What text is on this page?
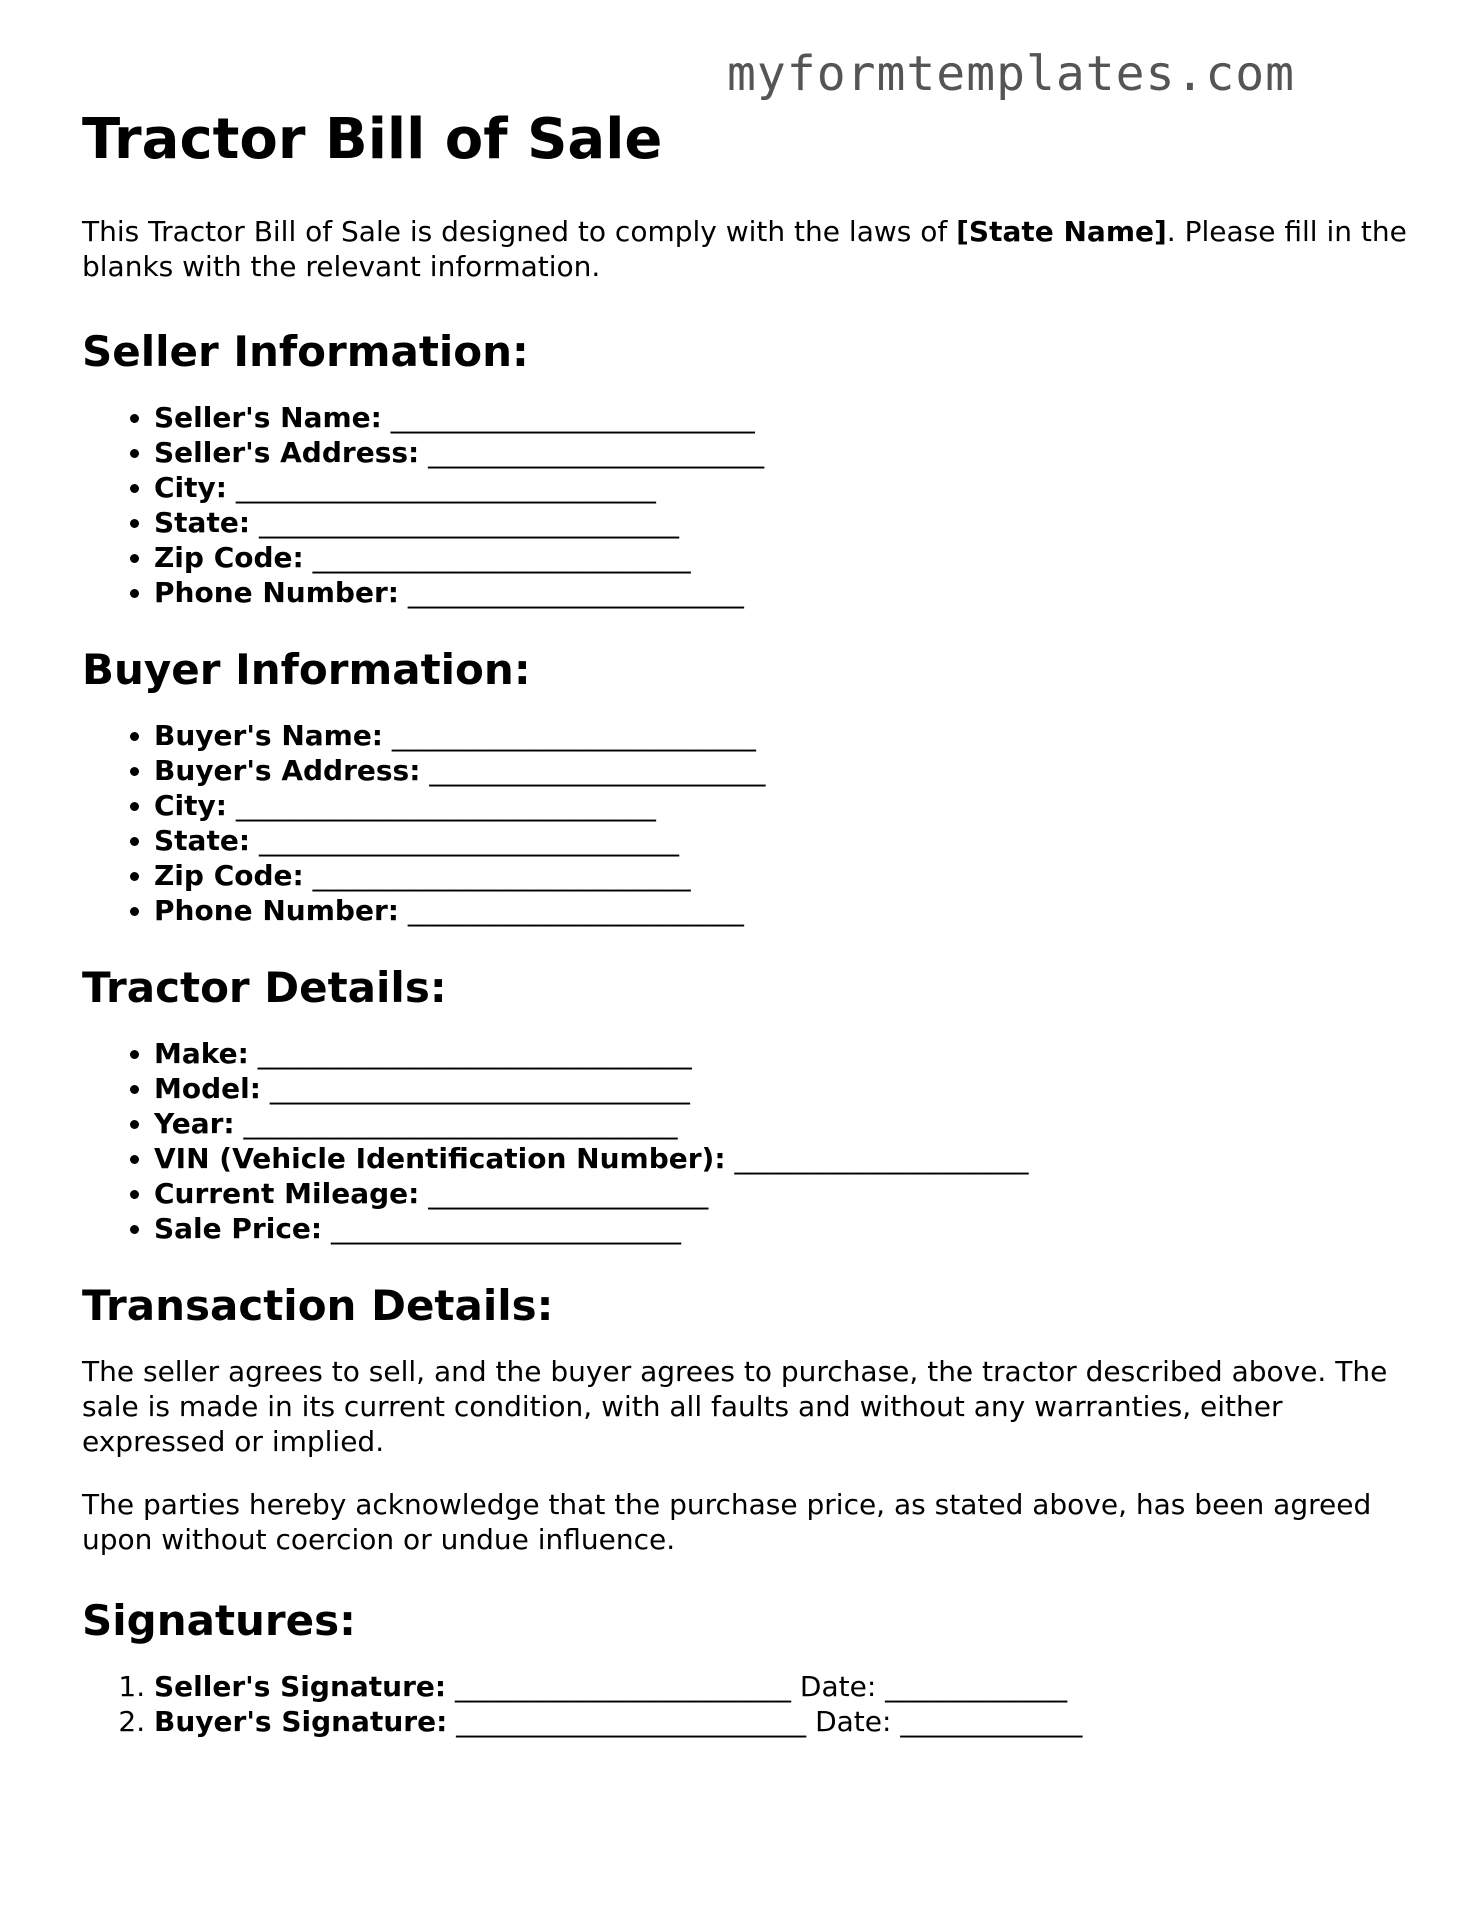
myformtemplates.com
Tractor Bill of Sale

This Tractor Bill of Sale is designed to comply with the laws of [State Name]. Please fill in the blanks with the relevant information.

Seller Information:
• Seller's Name: __________________________
• Seller's Address: ________________________
• City: ______________________________
• State: ______________________________
• Zip Code: ___________________________
• Phone Number: ________________________
Buyer Information:
• Buyer's Name: __________________________
• Buyer's Address: ________________________
• City: ______________________________
• State: ______________________________
• Zip Code: ___________________________
• Phone Number: ________________________
Tractor Details:
• Make: _______________________________
• Model: ______________________________
• Year: _______________________________
• VIN (Vehicle Identification Number): _____________________
• Current Mileage: ____________________
• Sale Price: _________________________
Transaction Details:

The seller agrees to sell, and the buyer agrees to purchase, the tractor described above. The sale is made in its current condition, with all faults and without any warranties, either expressed or implied.

The parties hereby acknowledge that the purchase price, as stated above, has been agreed upon without coercion or undue influence.

Signatures:
1. Seller's Signature: ________________________ Date: _____________
2. Buyer's Signature: _________________________ Date: _____________
